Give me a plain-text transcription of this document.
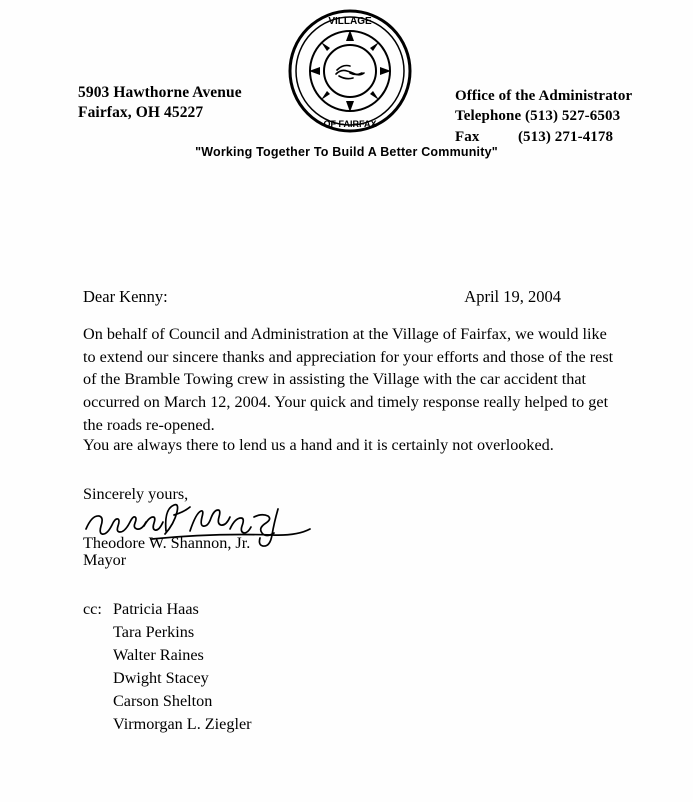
VILLAGE
OF FAIRFAX
5903 Hawthorne Avenue
Fairfax, OH 45227
Office of the Administrator
Telephone (513) 527-6503
Fax          (513) 271-4178
"Working Together To Build A Better Community"
Dear Kenny:	April 19, 2004
On behalf of Council and Administration at the Village of Fairfax, we would like to extend our sincere thanks and appreciation for your efforts and those of the rest of the Bramble Towing crew in assisting the Village with the car accident that occurred on March 12, 2004. Your quick and timely response really helped to get the roads re-opened.
You are always there to lend us a hand and it is certainly not overlooked.
Sincerely yours,
Theodore W. Shannon, Jr.
Mayor
cc: Patricia Haas
Tara Perkins
Walter Raines
Dwight Stacey
Carson Shelton
Virmorgan L. Ziegler
